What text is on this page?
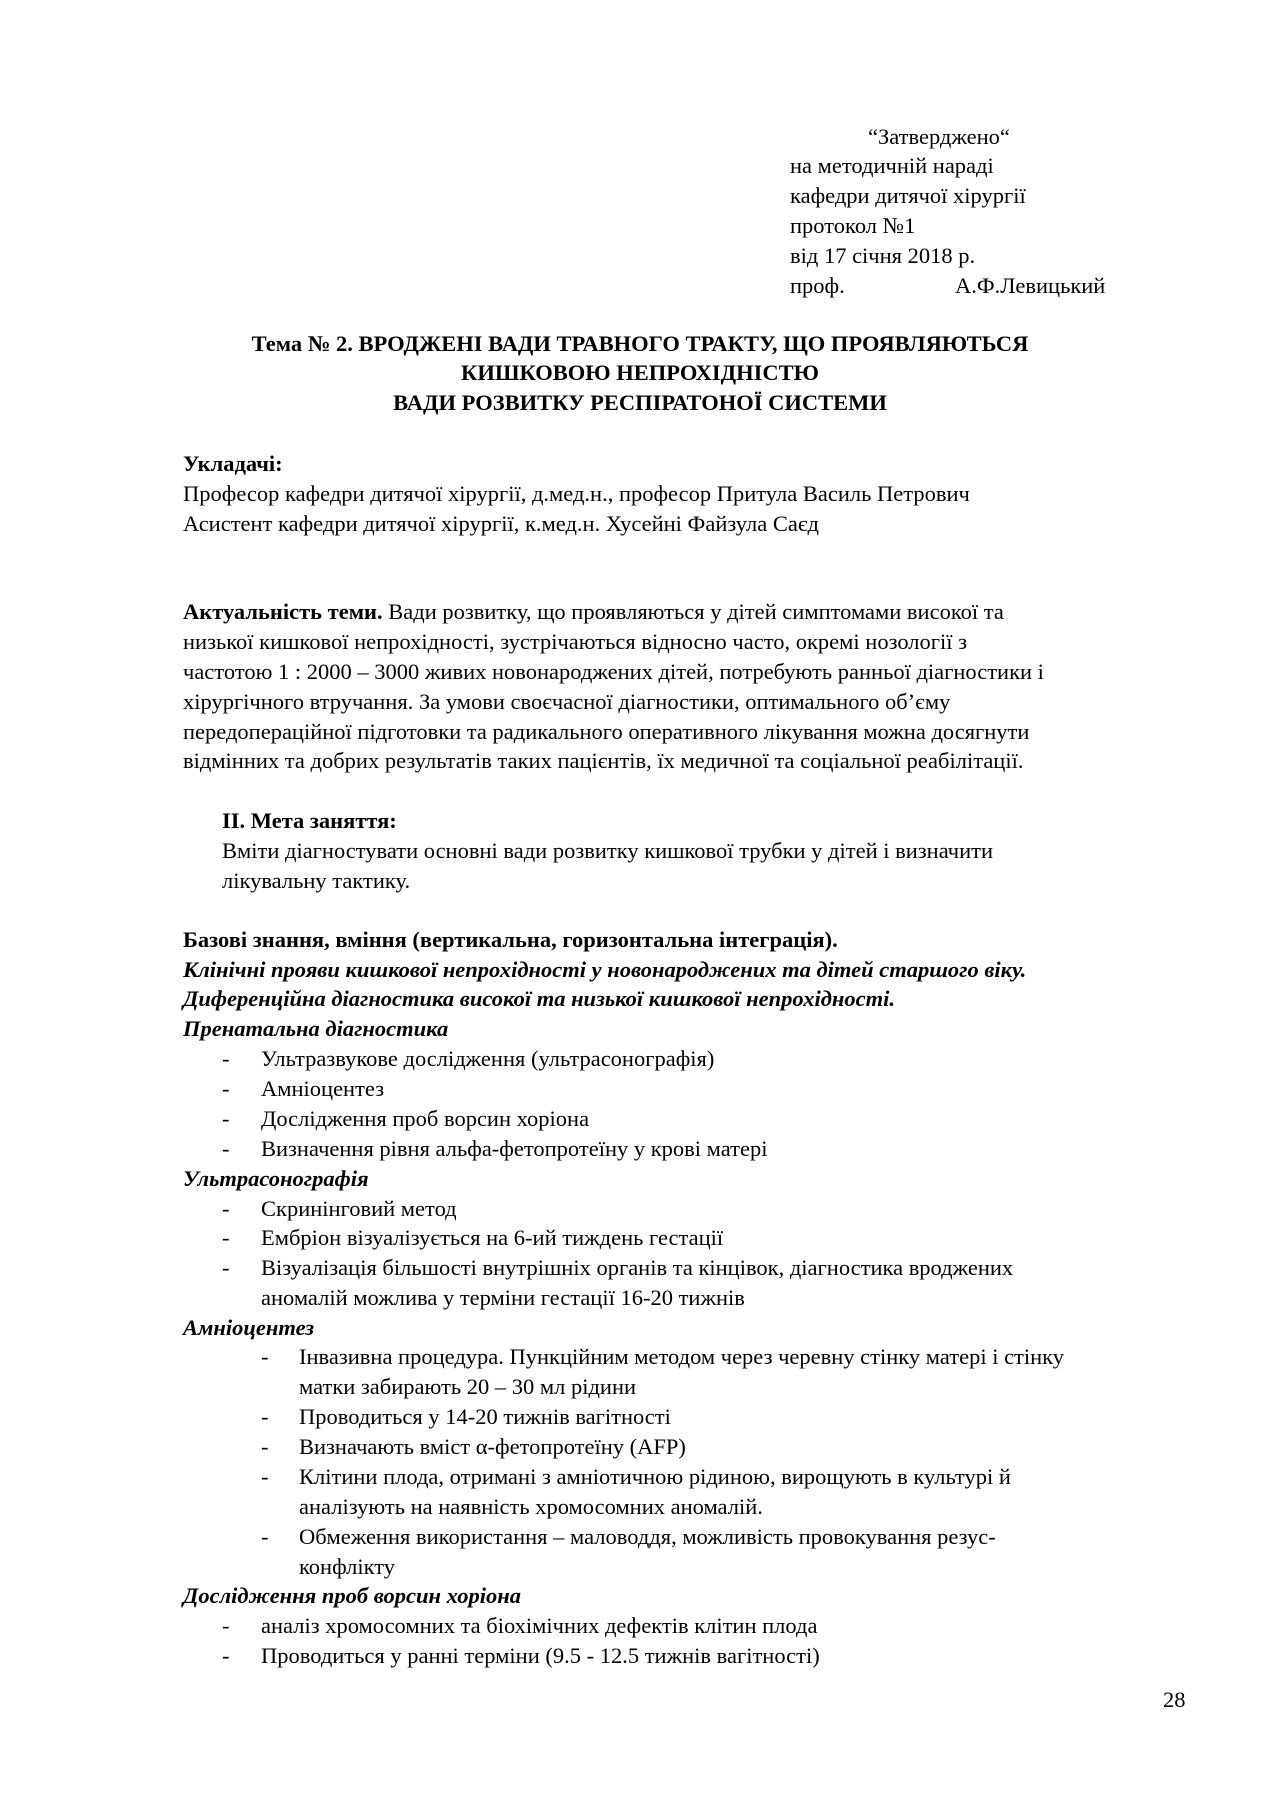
“Затверджено“
на методичній нараді
кафедри дитячої хірургії
протокол №1
від 17 січня 2018 р.
проф.	А.Ф.Левицький
Тема № 2. ВРОДЖЕНІ ВАДИ ТРАВНОГО ТРАКТУ, ЩО ПРОЯВЛЯЮТЬСЯ
КИШКОВОЮ НЕПРОХІДНІСТЮ
ВАДИ РОЗВИТКУ РЕСПІРАТОНОЇ СИСТЕМИ
Укладачі:
Професор кафедри дитячої хірургії, д.мед.н., професор Притула Василь Петрович
Асистент кафедри дитячої хірургії, к.мед.н. Хусейні Файзула Саєд
Актуальність теми. Вади розвитку, що проявляються у дітей симптомами високої та
низької кишкової непрохідності, зустрічаються відносно часто, окремі нозології з
частотою 1 : 2000 – 3000 живих новонароджених дітей, потребують ранньої діагностики і
хірургічного втручання. За умови своєчасної діагностики, оптимального об’єму
передопераційної підготовки та радикального оперативного лікування можна досягнути
відмінних та добрих результатів таких пацієнтів, їх медичної та соціальної реабілітації.
ІІ. Мета заняття:
Вміти діагностувати основні вади розвитку кишкової трубки у дітей і визначити
лікувальну тактику.
Базові знання, вміння (вертикальна, горизонтальна інтеграція).
Клінічні прояви кишкової непрохідності у новонароджених та дітей старшого віку.
Диференційна діагностика високої та низької кишкової непрохідності.
Пренатальна діагностика
- Ультразвукове дослідження (ультрасонографія)
- Амніоцентез
- Дослідження проб ворсин хоріона
- Визначення рівня альфа-фетопротеїну у крові матері
Ультрасонографія
- Скринінговий метод
- Ембріон візуалізується на 6-ий тиждень гестації
- Візуалізація більшості внутрішніх органів та кінцівок, діагностика вроджених
аномалій можлива у терміни гестації 16-20 тижнів
Амніоцентез
- Інвазивна процедура. Пункційним методом через черевну стінку матері і стінку
матки забирають 20 – 30 мл рідини
- Проводиться у 14-20 тижнів вагітності
- Визначають вміст α-фетопротеїну (AFP)
- Клітини плода, отримані з амніотичною рідиною, вирощують в культурі й
аналізують на наявність хромосомних аномалій.
- Обмеження використання – маловоддя, можливість провокування резус-
конфлікту
Дослідження проб ворсин хоріона
- аналіз хромосомних та біохімічних дефектів клітин плода
- Проводиться у ранні терміни (9.5 - 12.5 тижнів вагітності)
28
